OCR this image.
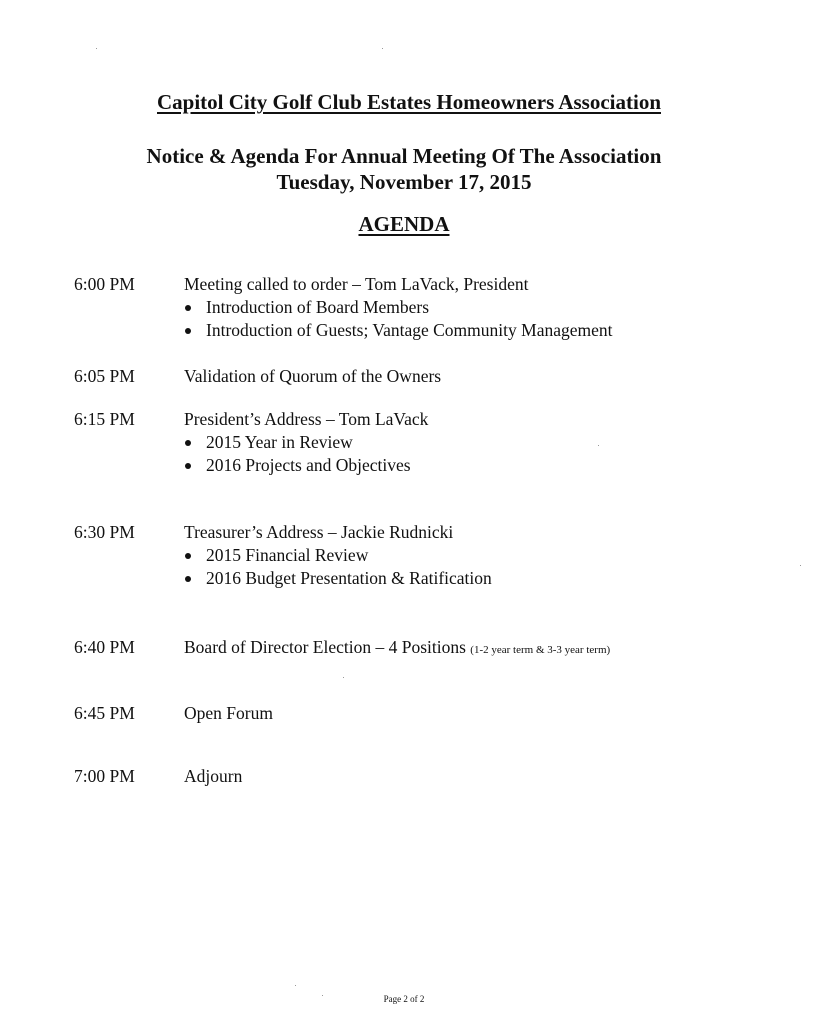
Capitol City Golf Club Estates Homeowners Association
Notice & Agenda For Annual Meeting Of The Association
Tuesday, November 17, 2015
AGENDA
6:00 PM	Meeting called to order – Tom LaVack, President
Introduction of Board Members
Introduction of Guests; Vantage Community Management
6:05 PM	Validation of Quorum of the Owners
6:15 PM	President’s Address – Tom LaVack
2015 Year in Review
2016 Projects and Objectives
6:30 PM	Treasurer’s Address – Jackie Rudnicki
2015 Financial Review
2016 Budget Presentation & Ratification
6:40 PM	Board of Director Election – 4 Positions (1-2 year term & 3-3 year term)
6:45 PM	Open Forum
7:00 PM	Adjourn
Page 2 of 2
